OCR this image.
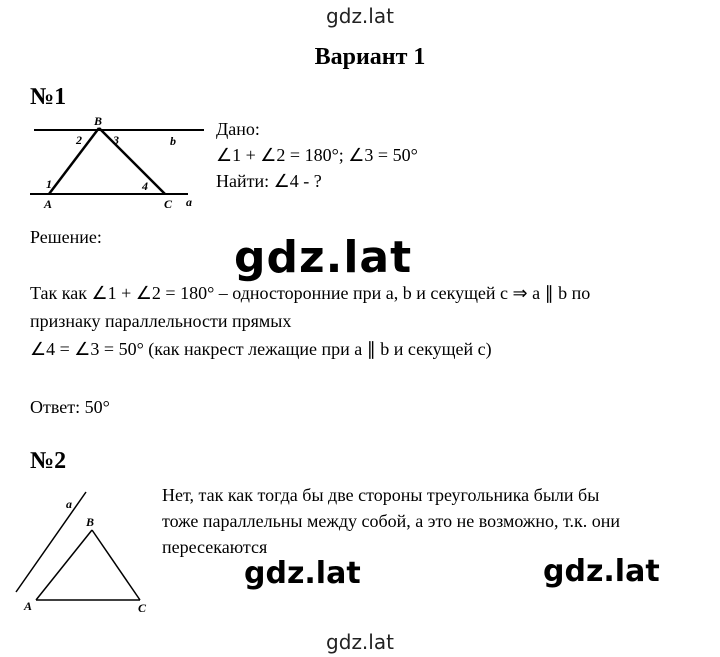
gdz.lat
Вариант 1
№1
B
2	3	b
1	4
A	C a
Дано:
∠1 + ∠2 = 180°; ∠3 = 50°
Найти: ∠4 - ?
Решение:
Так как ∠1 + ∠2 = 180° – односторонние при а, b и секущей с ⇒ а ∥ b по
признаку параллельности прямых
∠4 = ∠3 = 50° (как накрест лежащие при а ∥ b и секущей с)
Ответ: 50°
gdz.lat
№2
a
B
A	C
Нет, так как тогда бы две стороны треугольника были бы
тоже параллельны между собой, а это не возможно, т.к. они
пересекаются
gdz.lat	gdz.lat
gdz.lat
